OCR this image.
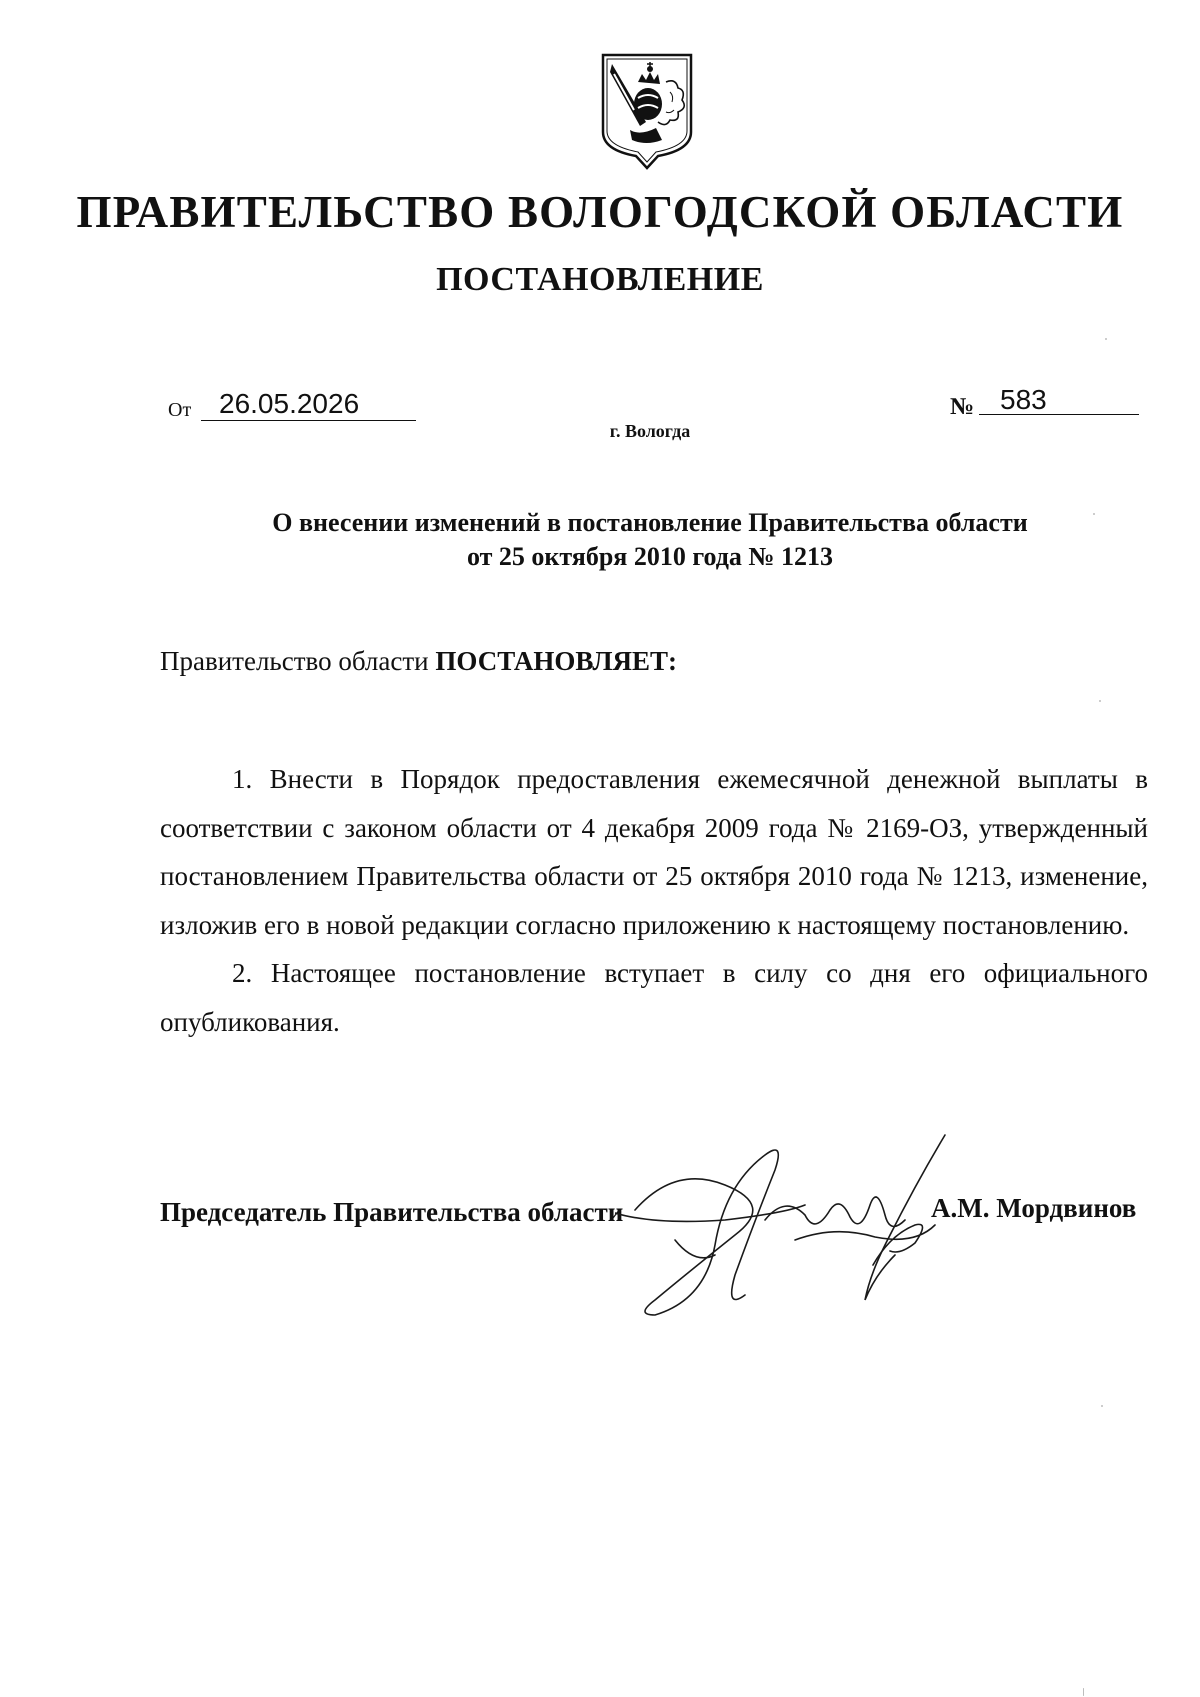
ПРАВИТЕЛЬСТВО ВОЛОГОДСКОЙ ОБЛАСТИ
ПОСТАНОВЛЕНИЕ
От 26.05.2026	№ 583
г. Вологда
О внесении изменений в постановление Правительства области
от 25 октября 2010 года № 1213
Правительство области ПОСТАНОВЛЯЕТ:

1. Внести в Порядок предоставления ежемесячной денежной выплаты в соответствии с законом области от 4 декабря 2009 года № 2169-ОЗ, утвержденный постановлением Правительства области от 25 октября 2010 года № 1213, изменение, изложив его в новой редакции согласно приложению к настоящему постановлению.

2. Настоящее постановление вступает в силу со дня его официального опубликования.

Председатель Правительства области	А.М. Мордвинов
